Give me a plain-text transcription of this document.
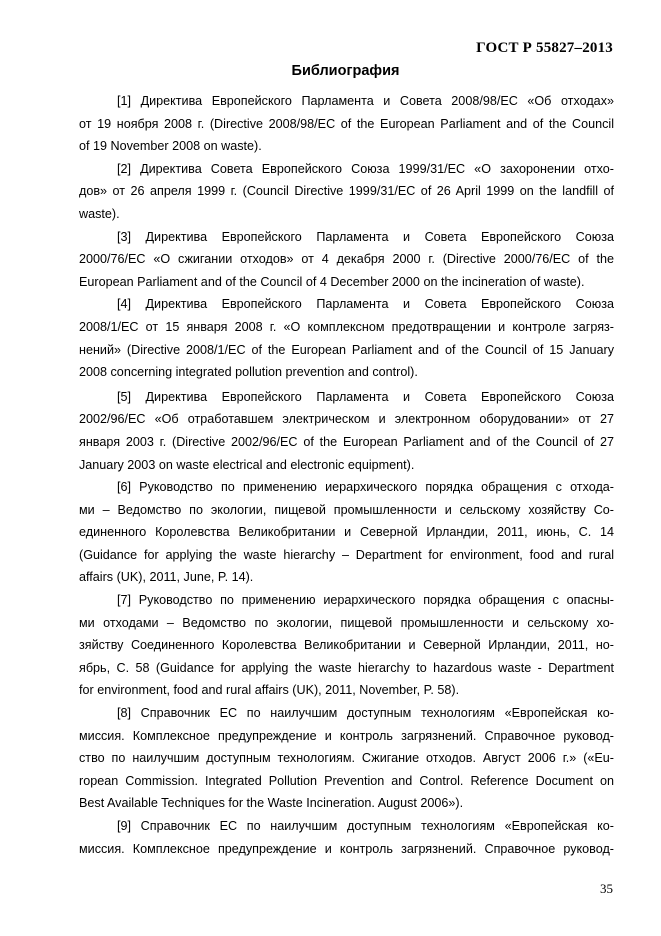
ГОСТ Р 55827–2013
Библиография

[1] Директива Европейского Парламента и Совета 2008/98/ЕС «Об отходах»
от 19 ноября 2008 г. (Directive 2008/98/EC of the European Parliament and of the Council
of 19 November 2008 on waste).

[2] Директива Совета Европейского Союза 1999/31/ЕС «О захоронении отхо-
дов» от 26 апреля 1999 г. (Council Directive 1999/31/EC of 26 April 1999 on the landfill of
waste).

[3] Директива Европейского Парламента и Совета Европейского Союза
2000/76/ЕС «О сжигании отходов» от 4 декабря 2000 г. (Directive 2000/76/EC of the
European Parliament and of the Council of 4 December 2000 on the incineration of waste).

[4] Директива Европейского Парламента и Совета Европейского Союза
2008/1/ЕС от 15 января 2008 г. «О комплексном предотвращении и контроле загряз-
нений» (Directive 2008/1/EC of the European Parliament and of the Council of 15 January
2008 concerning integrated pollution prevention and control).

[5] Директива Европейского Парламента и Совета Европейского Союза
2002/96/ЕС «Об отработавшем электрическом и электронном оборудовании» от 27
января 2003 г. (Directive 2002/96/EC of the European Parliament and of the Council of 27
January 2003 on waste electrical and electronic equipment).

[6] Руководство по применению иерархического порядка обращения с отхода-
ми – Ведомство по экологии, пищевой промышленности и сельскому хозяйству Со-
единенного Королевства Великобритании и Северной Ирландии, 2011, июнь, С. 14
(Guidance for applying the waste hierarchy – Department for environment, food and rural
affairs (UK), 2011, June, P. 14).

[7] Руководство по применению иерархического порядка обращения с опасны-
ми отходами – Ведомство по экологии, пищевой промышленности и сельскому хо-
зяйству Соединенного Королевства Великобритании и Северной Ирландии, 2011, но-
ябрь, С. 58 (Guidance for applying the waste hierarchy to hazardous waste - Department
for environment, food and rural affairs (UK), 2011, November, P. 58).

[8] Справочник ЕС по наилучшим доступным технологиям «Европейская ко-
миссия. Комплексное предупреждение и контроль загрязнений. Справочное руковод-
ство по наилучшим доступным технологиям. Сжигание отходов. Август 2006 г.» («Eu-
ropean Commission. Integrated Pollution Prevention and Control. Reference Document on
Best Available Techniques for the Waste Incineration. August 2006»).

[9] Справочник ЕС по наилучшим доступным технологиям «Европейская ко-
миссия. Комплексное предупреждение и контроль загрязнений. Справочное руковод-

35
